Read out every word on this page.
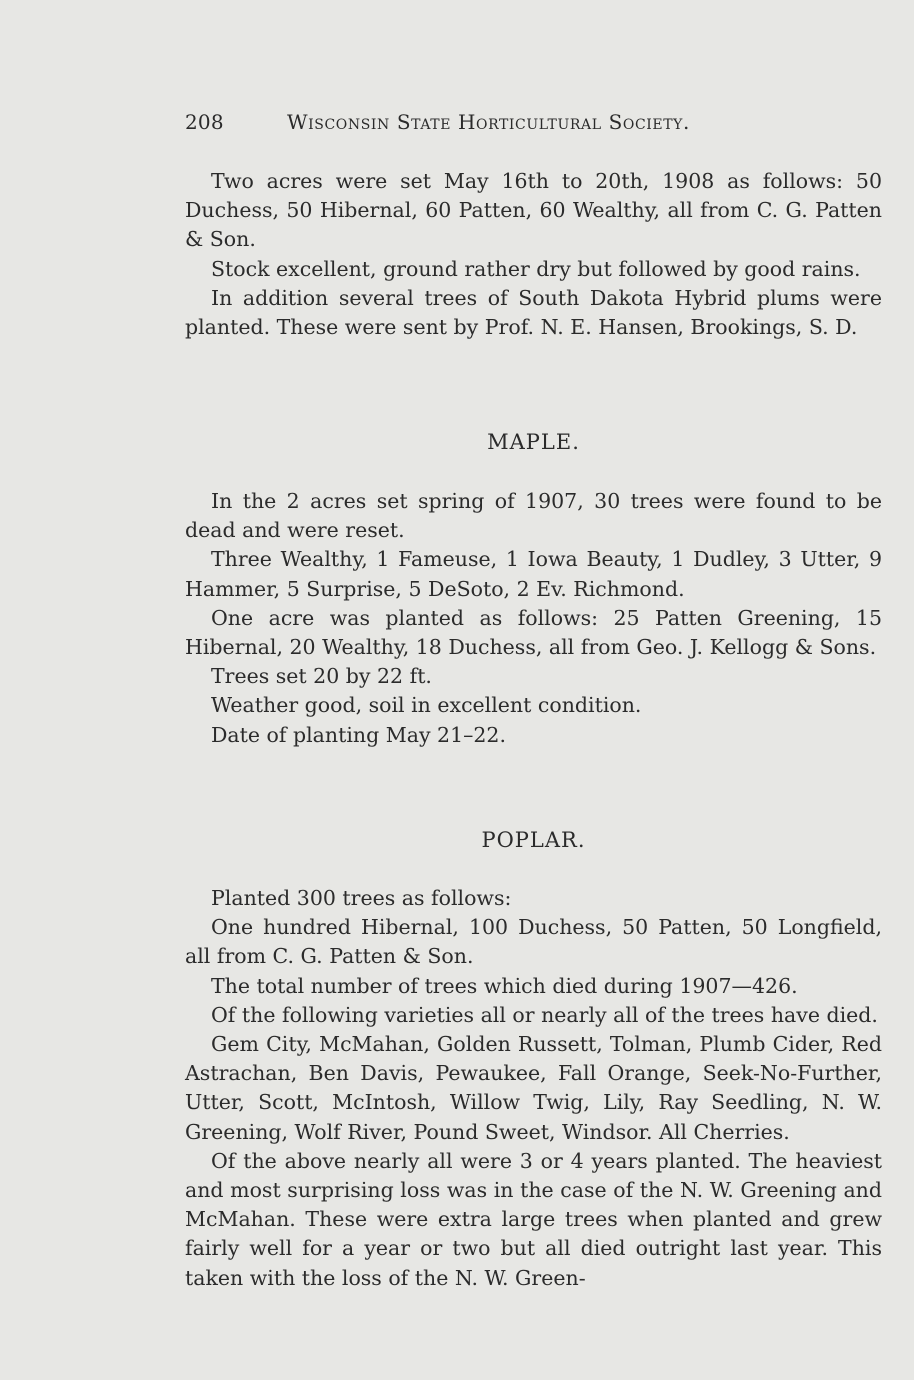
208	Wisconsin State Horticultural Society.

Two acres were set May 16th to 20th, 1908 as follows: 50 Duchess, 50 Hibernal, 60 Patten, 60 Wealthy, all from C. G. Patten & Son.

Stock excellent, ground rather dry but followed by good rains.

In addition several trees of South Dakota Hybrid plums were planted. These were sent by Prof. N. E. Hansen, Brookings, S. D.

MAPLE.

In the 2 acres set spring of 1907, 30 trees were found to be dead and were reset.

Three Wealthy, 1 Fameuse, 1 Iowa Beauty, 1 Dudley, 3 Utter, 9 Hammer, 5 Surprise, 5 DeSoto, 2 Ev. Richmond.

One acre was planted as follows: 25 Patten Greening, 15 Hibernal, 20 Wealthy, 18 Duchess, all from Geo. J. Kellogg & Sons.

Trees set 20 by 22 ft.

Weather good, soil in excellent condition.

Date of planting May 21–22.

POPLAR.

Planted 300 trees as follows:

One hundred Hibernal, 100 Duchess, 50 Patten, 50 Longfield, all from C. G. Patten & Son.

The total number of trees which died during 1907—426.

Of the following varieties all or nearly all of the trees have died.

Gem City, McMahan, Golden Russett, Tolman, Plumb Cider, Red Astrachan, Ben Davis, Pewaukee, Fall Orange, Seek-No-Further, Utter, Scott, McIntosh, Willow Twig, Lily, Ray Seedling, N. W. Greening, Wolf River, Pound Sweet, Windsor. All Cherries.

Of the above nearly all were 3 or 4 years planted. The heaviest and most surprising loss was in the case of the N. W. Greening and McMahan. These were extra large trees when planted and grew fairly well for a year or two but all died outright last year. This taken with the loss of the N. W. Green-
